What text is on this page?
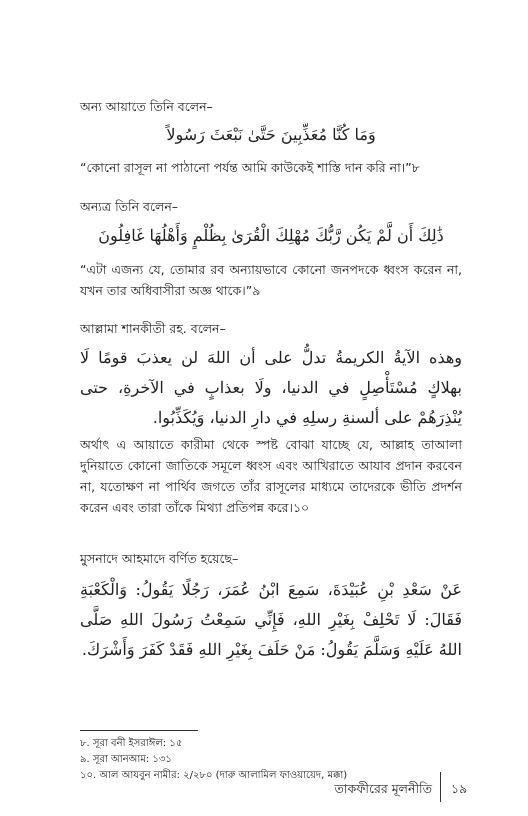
অন্য আয়াতে তিনি বলেন–

وَمَا كُنَّا مُعَذِّبِينَ حَتَّىٰ نَبْعَثَ رَسُولاً

“কোনো রাসূল না পাঠানো পর্যন্ত আমি কাউকেই শাস্তি দান করি না।”৮

অন্যত্র তিনি বলেন–

ذَٰلِكَ أَن لَّمْ يَكُن رَّبُّكَ مُهْلِكَ الْقُرَىٰ بِظُلْمٍ وَأَهْلُهَا غَافِلُونَ

“এটা এজন্য যে, তোমার রব অন্যায়ভাবে কোনো জনপদকে ধ্বংস করেন না, যখন তার অধিবাসীরা অজ্ঞ থাকে।”৯

আল্লামা শানকীতী রহ. বলেন–

وهذه الآيةُ الكريمةُ تدلُّ على أن اللهَ لن يعذبَ قومًا لَا بهلاكٍ مُسْتَأْصِلٍ في الدنيا، ولَا بعذابٍ في الآخرةِ، حتى يُنْذِرَهُمْ على ألسنةِ رسلِهِ في دارِ الدنيا، وَيُكَذِّبُوا.

অর্থাৎ এ আয়াতে কারীমা থেকে স্পষ্ট বোঝা যাচ্ছে যে, আল্লাহ তাআলা দুনিয়াতে কোনো জাতিকে সমূলে ধ্বংস এবং আখিরাতে আযাব প্রদান করবেন না, যতোক্ষণ না পার্থিব জগতে তাঁর রাসূলের মাধ্যমে তাদেরকে ভীতি প্রদর্শন করেন এবং তারা তাঁকে মিথ্যা প্রতিপন্ন করে।১০

মুসনাদে আহমাদে বর্ণিত হয়েছে–

عَنْ سَعْدِ بْنِ عُبَيْدَةَ، سَمِعَ ابْنُ عُمَرَ، رَجُلًا يَقُولُ: وَالْكَعْبَةِ فَقَالَ: لَا تَحْلِفْ بِغَيْرِ اللهِ، فَإِنِّي سَمِعْتُ رَسُولَ اللهِ صَلَّى اللهُ عَلَيْهِ وَسَلَّمَ يَقُولُ: مَنْ حَلَفَ بِغَيْرِ اللهِ فَقَدْ كَفَرَ وَأَشْرَكَ.

৮. সূরা বনী ইসরাঈল: ১৫

৯. সূরা আনআম: ১৩১

১০. আল আযবুন নামীর: ২/২৮০ (দারু আলামিল ফাওয়ায়েদ, মক্কা)

তাকফীরের মূলনীতি ১৯
